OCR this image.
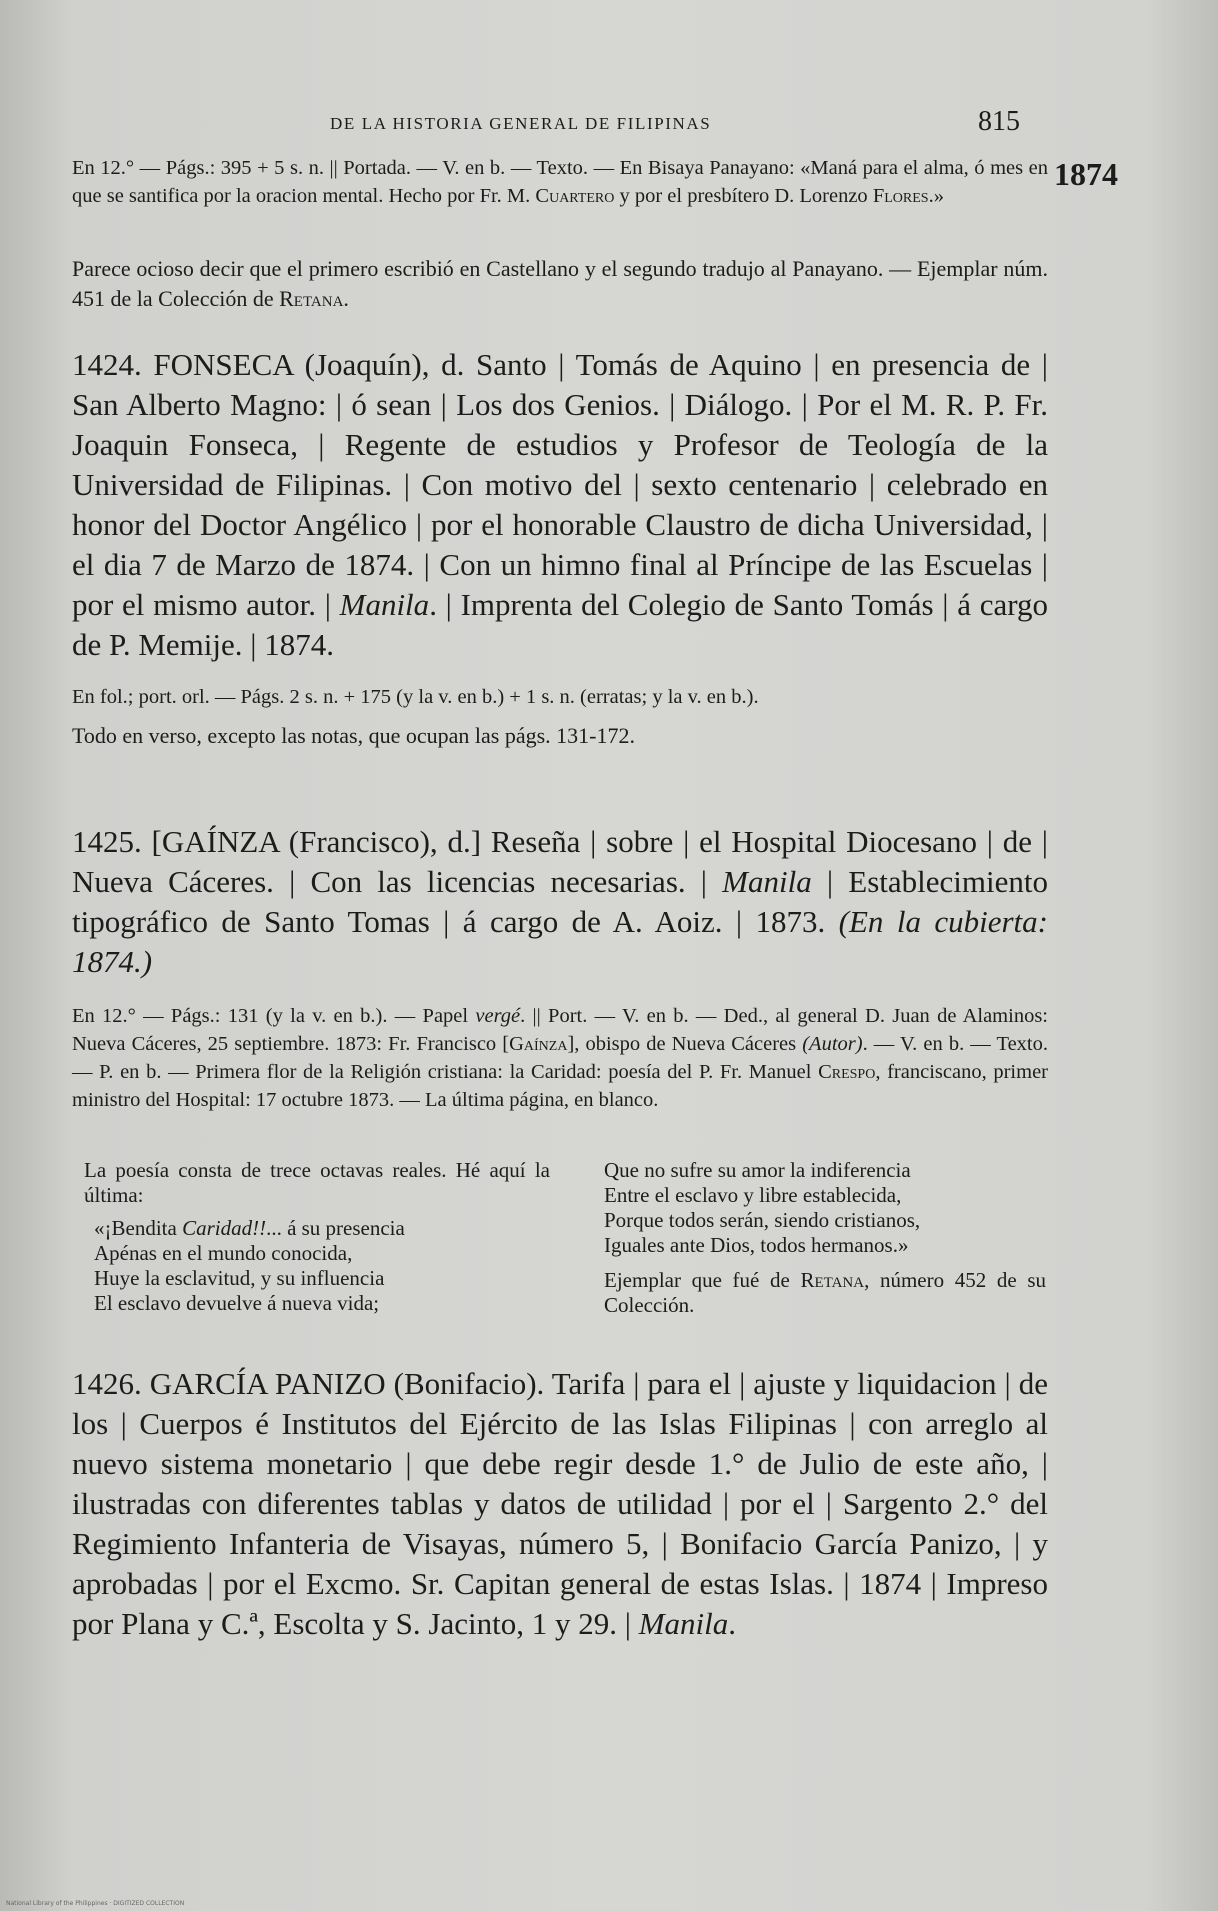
DE LA HISTORIA GENERAL DE FILIPINAS	815
1874

En 12.° — Págs.: 395 + 5 s. n. || Portada. — V. en b. — Texto. — En Bisaya Panayano: «Maná para el alma, ó mes en que se santifica por la oracion mental. Hecho por Fr. M. Cuartero y por el presbítero D. Lorenzo Flores.»

Parece ocioso decir que el primero escribió en Castellano y el segundo tradujo al Panayano. — Ejemplar núm. 451 de la Colección de Retana.

1424. FONSECA (Joaquín), d. Santo | Tomás de Aquino | en presencia de | San Alberto Magno: | ó sean | Los dos Genios. | Diálogo. | Por el M. R. P. Fr. Joaquin Fonseca, | Regente de estudios y Profesor de Teología de la Universidad de Filipinas. | Con motivo del | sexto centenario | celebrado en honor del Doctor Angélico | por el honorable Claustro de dicha Universidad, | el dia 7 de Marzo de 1874. | Con un himno final al Príncipe de las Escuelas | por el mismo autor. | Manila. | Imprenta del Colegio de Santo Tomás | á cargo de P. Memije. | 1874.

En fol.; port. orl. — Págs. 2 s. n. + 175 (y la v. en b.) + 1 s. n. (erratas; y la v. en b.).

Todo en verso, excepto las notas, que ocupan las págs. 131-172.

1425. [GAÍNZA (Francisco), d.] Reseña | sobre | el Hospital Diocesano | de | Nueva Cáceres. | Con las licencias necesarias. | Manila | Establecimiento tipográfico de Santo Tomas | á cargo de A. Aoiz. | 1873. (En la cubierta: 1874.)

En 12.° — Págs.: 131 (y la v. en b.). — Papel vergé. || Port. — V. en b. — Ded., al general D. Juan de Alaminos: Nueva Cáceres, 25 septiembre. 1873: Fr. Francisco [Gaínza], obispo de Nueva Cáceres (Autor). — V. en b. — Texto. — P. en b. — Primera flor de la Religión cristiana: la Caridad: poesía del P. Fr. Manuel Crespo, franciscano, primer ministro del Hospital: 17 octubre 1873. — La última página, en blanco.

La poesía consta de trece octavas reales. Hé aquí la última:

«¡Bendita Caridad!!... á su presencia
Apénas en el mundo conocida,
Huye la esclavitud, y su influencia
El esclavo devuelve á nueva vida;
Que no sufre su amor la indiferencia
Entre el esclavo y libre establecida,
Porque todos serán, siendo cristianos,
Iguales ante Dios, todos hermanos.»

Ejemplar que fué de Retana, número 452 de su Colección.

1426. GARCÍA PANIZO (Bonifacio). Tarifa | para el | ajuste y liquidacion | de los | Cuerpos é Institutos del Ejército de las Islas Filipinas | con arreglo al nuevo sistema monetario | que debe regir desde 1.° de Julio de este año, | ilustradas con diferentes tablas y datos de utilidad | por el | Sargento 2.° del Regimiento Infanteria de Visayas, número 5, | Bonifacio García Panizo, | y aprobadas | por el Excmo. Sr. Capitan general de estas Islas. | 1874 | Impreso por Plana y C.ª, Escolta y S. Jacinto, 1 y 29. | Manila.

National Library of the Philippines · DIGITIZED COLLECTION
